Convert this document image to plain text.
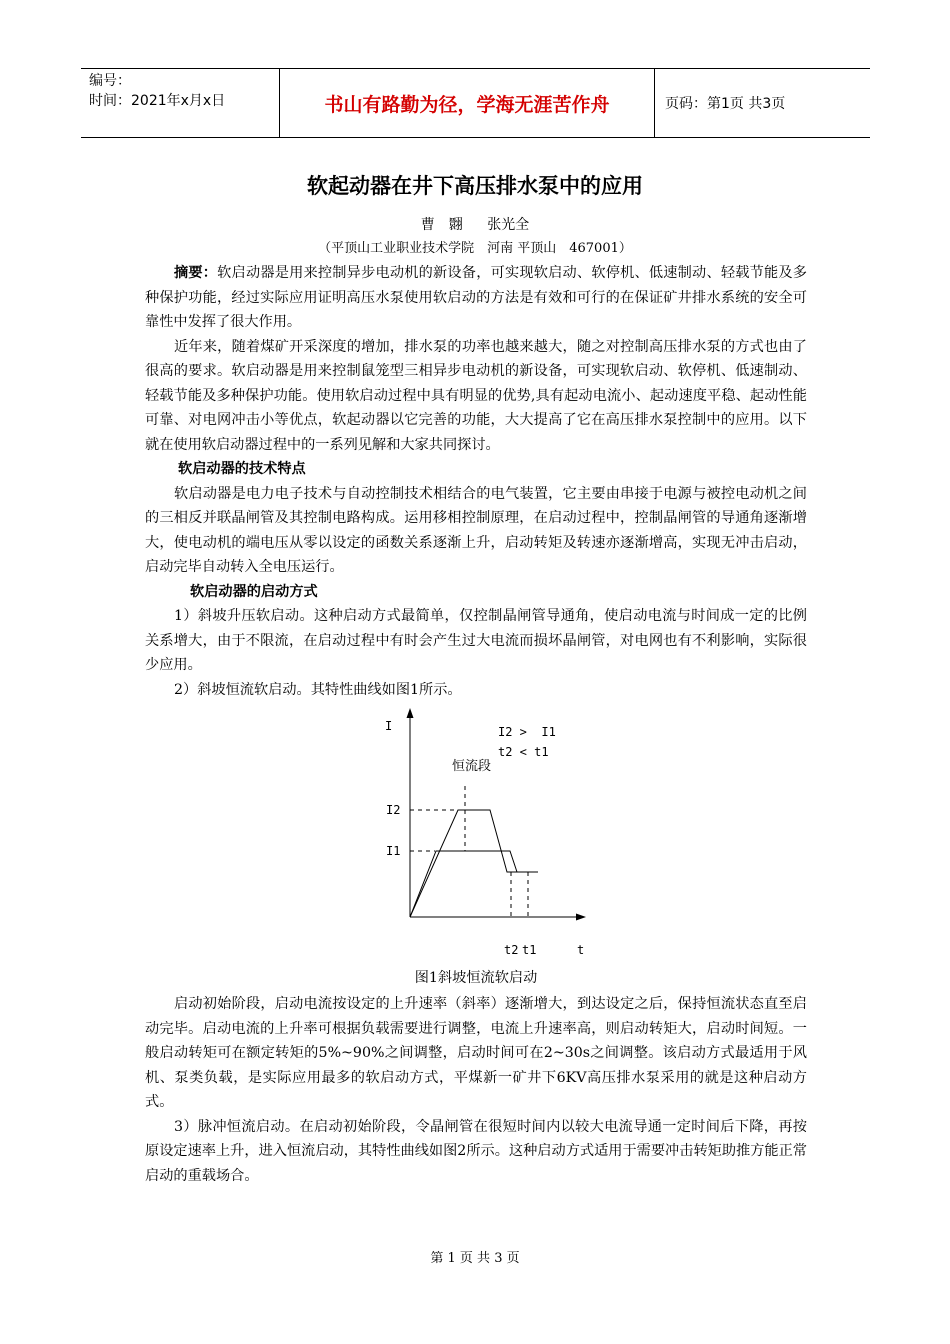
编号：
时间：2021年x月x日	书山有路勤为径，学海无涯苦作舟	页码：第1页 共3页
软起动器在井下高压排水泵中的应用
曹　翾 张光全
（平顶山工业职业技术学院　河南 平顶山　467001）

摘要：软启动器是用来控制异步电动机的新设备，可实现软启动、软停机、低速制动、轻载节能及多种保护功能，经过实际应用证明高压水泵使用软启动的方法是有效和可行的在保证矿井排水系统的安全可靠性中发挥了很大作用。

近年来，随着煤矿开采深度的增加，排水泵的功率也越来越大，随之对控制高压排水泵的方式也由了很高的要求。软启动器是用来控制鼠笼型三相异步电动机的新设备，可实现软启动、软停机、低速制动、轻载节能及多种保护功能。使用软启动过程中具有明显的优势,具有起动电流小、起动速度平稳、起动性能可靠、对电网冲击小等优点，软起动器以它完善的功能，大大提高了它在高压排水泵控制中的应用。以下就在使用软启动器过程中的一系列见解和大家共同探讨。

软启动器的技术特点

软启动器是电力电子技术与自动控制技术相结合的电气装置，它主要由串接于电源与被控电动机之间的三相反并联晶闸管及其控制电路构成。运用移相控制原理，在启动过程中，控制晶闸管的导通角逐渐增大，使电动机的端电压从零以设定的函数关系逐渐上升，启动转矩及转速亦逐渐增高，实现无冲击启动，启动完毕自动转入全电压运行。

软启动器的启动方式

1）斜坡升压软启动。这种启动方式最简单，仅控制晶闸管导通角，使启动电流与时间成一定的比例关系增大，由于不限流，在启动过程中有时会产生过大电流而损坏晶闸管，对电网也有不利影响，实际很少应用。

2）斜坡恒流软启动。其特性曲线如图1所示。

I
t
I2 >  I1
t2 < t1
恒流段
I2
I1
t2 t1
图1斜坡恒流软启动

启动初始阶段，启动电流按设定的上升速率（斜率）逐渐增大，到达设定之后，保持恒流状态直至启动完毕。启动电流的上升率可根据负载需要进行调整，电流上升速率高，则启动转矩大，启动时间短。一般启动转矩可在额定转矩的5%~90%之间调整，启动时间可在2~30s之间调整。该启动方式最适用于风机、泵类负载，是实际应用最多的软启动方式，平煤新一矿井下6KV高压排水泵采用的就是这种启动方式。

3）脉冲恒流启动。在启动初始阶段，令晶闸管在很短时间内以较大电流导通一定时间后下降，再按原设定速率上升，进入恒流启动，其特性曲线如图2所示。这种启动方式适用于需要冲击转矩助推方能正常启动的重载场合。

第 1 页 共 3 页
